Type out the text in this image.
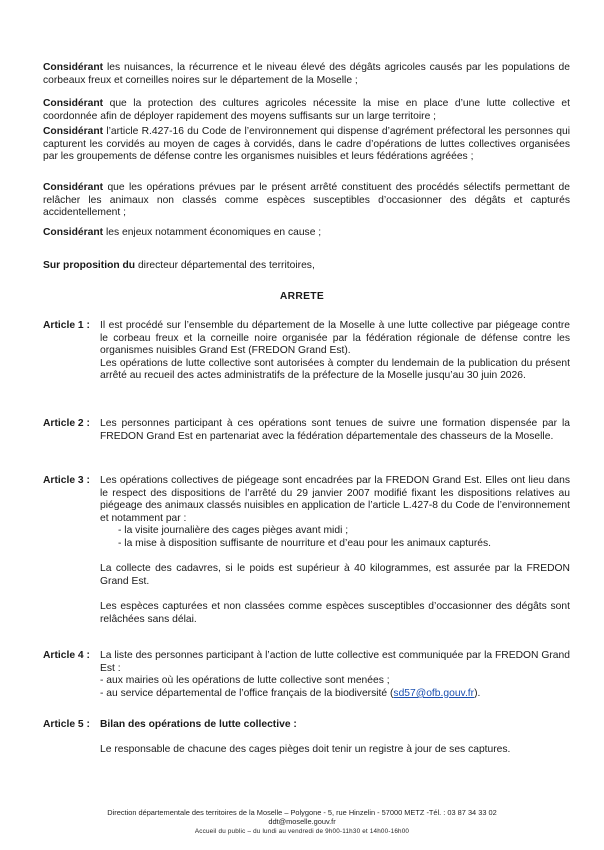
Considérant les nuisances, la récurrence et le niveau élevé des dégâts agricoles causés par les populations de corbeaux freux et corneilles noires sur le département de la Moselle ;

Considérant que la protection des cultures agricoles nécessite la mise en place d’une lutte collective et coordonnée afin de déployer rapidement des moyens suffisants sur un large territoire ;

Considérant l’article R.427-16 du Code de l’environnement qui dispense d’agrément préfectoral les personnes qui capturent les corvidés au moyen de cages à corvidés, dans le cadre d’opérations de luttes collectives organisées par les groupements de défense contre les organismes nuisibles et leurs fédérations agréées ;

Considérant que les opérations prévues par le présent arrêté constituent des procédés sélectifs permettant de relâcher les animaux non classés comme espèces susceptibles d’occasionner des dégâts et capturés accidentellement ;

Considérant les enjeux notamment économiques en cause ;

Sur proposition du directeur départemental des territoires,

ARRETE

Article 1 : Il est procédé sur l’ensemble du département de la Moselle à une lutte collective par piégeage contre le corbeau freux et la corneille noire organisée par la fédération régionale de défense contre les organismes nuisibles Grand Est (FREDON Grand Est).

Les opérations de lutte collective sont autorisées à compter du lendemain de la publication du présent arrêté au recueil des actes administratifs de la préfecture de la Moselle jusqu’au 30 juin 2026.

Article 2 : Les personnes participant à ces opérations sont tenues de suivre une formation dispensée par la FREDON Grand Est en partenariat avec la fédération départementale des chasseurs de la Moselle.

Article 3 : Les opérations collectives de piégeage sont encadrées par la FREDON Grand Est. Elles ont lieu dans le respect des dispositions de l’arrêté du 29 janvier 2007 modifié fixant les dispositions relatives au piégeage des animaux classés nuisibles en application de l’article L.427-8 du Code de l’environnement et notamment par :

- la visite journalière des cages pièges avant midi ;

- la mise à disposition suffisante de nourriture et d’eau pour les animaux capturés.

La collecte des cadavres, si le poids est supérieur à 40 kilogrammes, est assurée par la FREDON Grand Est.

Les espèces capturées et non classées comme espèces susceptibles d’occasionner des dégâts sont relâchées sans délai.

Article 4 : La liste des personnes participant à l’action de lutte collective est communiquée par la FREDON Grand Est :

- aux mairies où les opérations de lutte collective sont menées ;

- au service départemental de l’office français de la biodiversité (sd57@ofb.gouv.fr).

Article 5 : Bilan des opérations de lutte collective :

Le responsable de chacune des cages pièges doit tenir un registre à jour de ses captures.

Direction départementale des territoires de la Moselle – Polygone - 5, rue Hinzelin - 57000 METZ -Tél. : 03 87 34 33 02

ddt@moselle.gouv.fr

Accueil du public – du lundi au vendredi de 9h00-11h30 et 14h00-16h00
